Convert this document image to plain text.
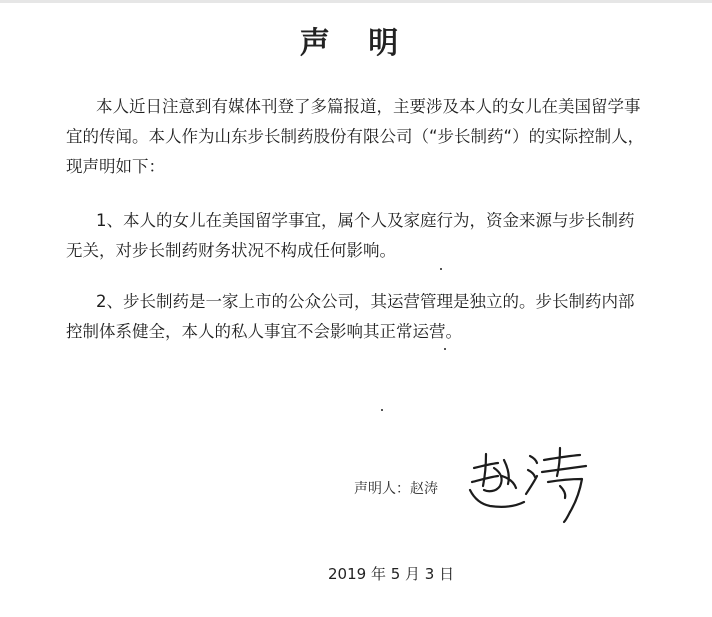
声 明
本人近日注意到有媒体刊登了多篇报道，主要涉及本人的女儿在美国留学事
宜的传闻。本人作为山东步长制药股份有限公司（“步长制药“）的实际控制人，
现声明如下：
1、本人的女儿在美国留学事宜，属个人及家庭行为，资金来源与步长制药
无关，对步长制药财务状况不构成任何影响。
2、步长制药是一家上市的公众公司，其运营管理是独立的。步长制药内部
控制体系健全，本人的私人事宜不会影响其正常运营。
声明人：赵涛
2019 年 5 月 3 日
